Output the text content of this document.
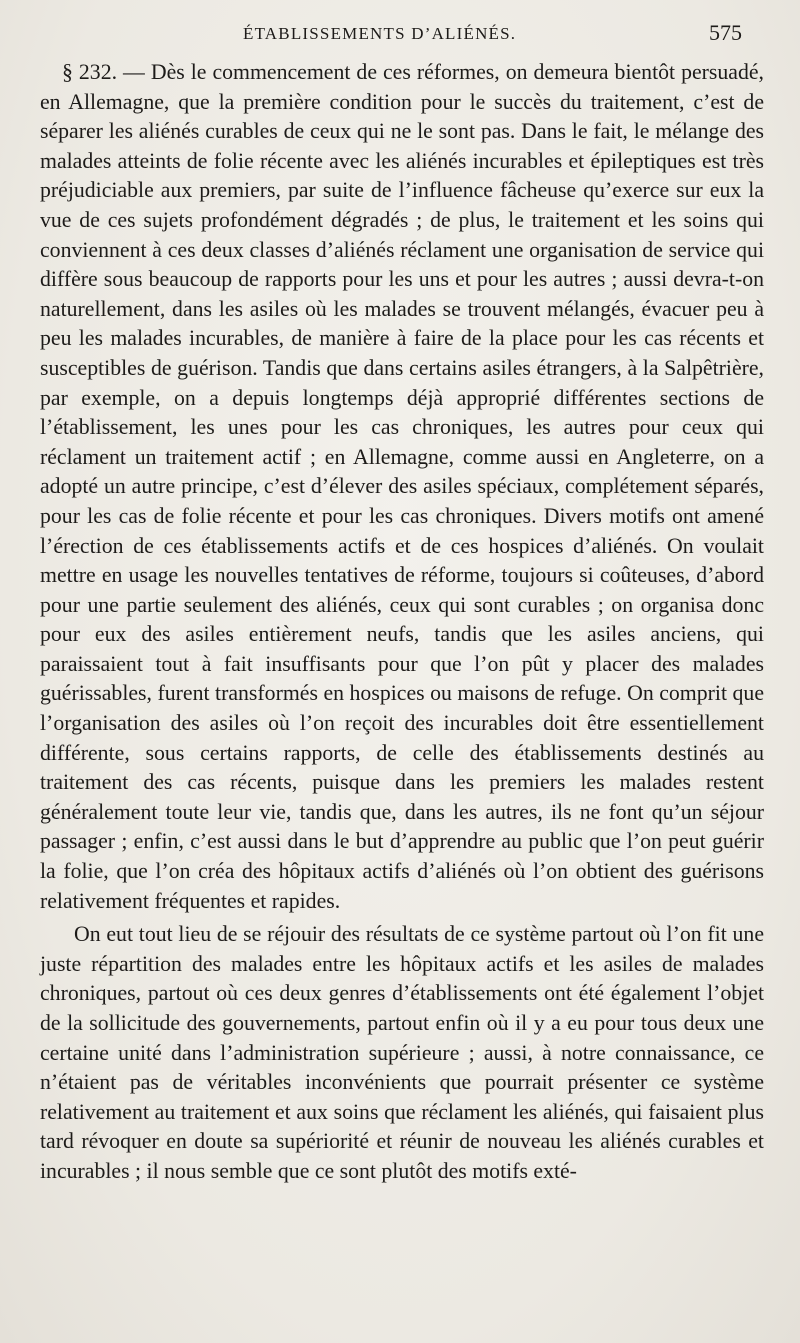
ÉTABLISSEMENTS D’ALIÉNÉS.	575

§ 232. — Dès le commencement de ces réformes, on demeura bientôt persuadé, en Allemagne, que la première condition pour le succès du traitement, c’est de séparer les aliénés curables de ceux qui ne le sont pas. Dans le fait, le mélange des malades atteints de folie récente avec les aliénés incurables et épileptiques est très préjudiciable aux premiers, par suite de l’influence fâcheuse qu’exerce sur eux la vue de ces sujets profondément dégradés ; de plus, le traitement et les soins qui conviennent à ces deux classes d’aliénés réclament une organisation de service qui diffère sous beaucoup de rapports pour les uns et pour les autres ; aussi devra-t-on naturellement, dans les asiles où les malades se trouvent mélangés, évacuer peu à peu les malades incurables, de manière à faire de la place pour les cas récents et susceptibles de guérison. Tandis que dans certains asiles étrangers, à la Salpêtrière, par exemple, on a depuis longtemps déjà approprié différentes sections de l’établissement, les unes pour les cas chroniques, les autres pour ceux qui réclament un traitement actif ; en Allemagne, comme aussi en Angleterre, on a adopté un autre principe, c’est d’élever des asiles spéciaux, complétement séparés, pour les cas de folie récente et pour les cas chroniques. Divers motifs ont amené l’érection de ces établissements actifs et de ces hospices d’aliénés. On voulait mettre en usage les nouvelles tentatives de réforme, toujours si coûteuses, d’abord pour une partie seulement des aliénés, ceux qui sont curables ; on organisa donc pour eux des asiles entièrement neufs, tandis que les asiles anciens, qui paraissaient tout à fait insuffisants pour que l’on pût y placer des malades guérissables, furent transformés en hospices ou maisons de refuge. On comprit que l’organisation des asiles où l’on reçoit des incurables doit être essentiellement différente, sous certains rapports, de celle des établissements destinés au traitement des cas récents, puisque dans les premiers les malades restent généralement toute leur vie, tandis que, dans les autres, ils ne font qu’un séjour passager ; enfin, c’est aussi dans le but d’apprendre au public que l’on peut guérir la folie, que l’on créa des hôpitaux actifs d’aliénés où l’on obtient des guérisons relativement fréquentes et rapides.

On eut tout lieu de se réjouir des résultats de ce système partout où l’on fit une juste répartition des malades entre les hôpitaux actifs et les asiles de malades chroniques, partout où ces deux genres d’établissements ont été également l’objet de la sollicitude des gouvernements, partout enfin où il y a eu pour tous deux une certaine unité dans l’administration supérieure ; aussi, à notre connaissance, ce n’étaient pas de véritables inconvénients que pourrait présenter ce système relativement au traitement et aux soins que réclament les aliénés, qui faisaient plus tard révoquer en doute sa supériorité et réunir de nouveau les aliénés curables et incurables ; il nous semble que ce sont plutôt des motifs exté-
